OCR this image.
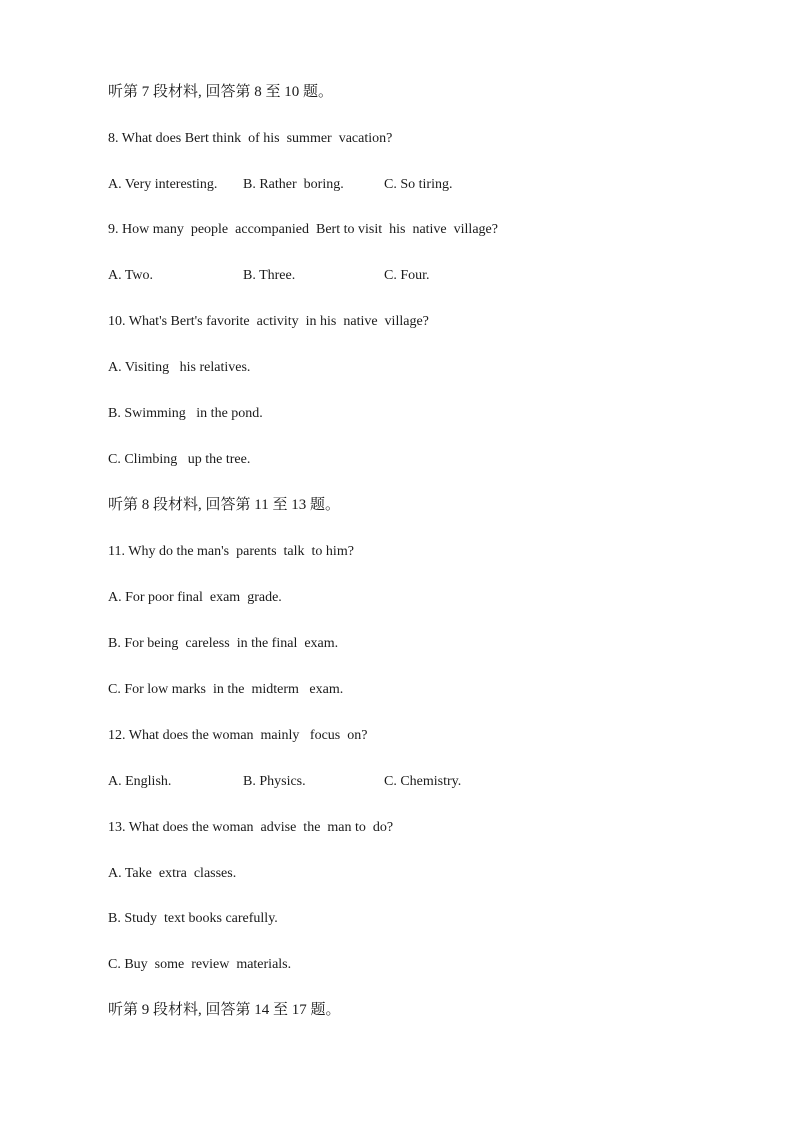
听第 7 段材料, 回答第 8 至 10 题。
8. What does Bert think  of his  summer  vacation?

A. Very interesting.

B. Rather  boring.

	C. So tiring.

9. How many  people  accompanied  Bert to visit  his  native  village?

A. Two.

	B. Three.

	C. Four.

10. What's Bert's favorite  activity  in his  native  village?
A. Visiting   his relatives.
B. Swimming   in the pond.
C. Climbing   up the tree.
听第 8 段材料, 回答第 11 至 13 题。
11. Why do the man's  parents  talk  to him?
A. For poor final  exam  grade.
B. For being  careless  in the final  exam.
C. For low marks  in the  midterm   exam.
12. What does the woman  mainly   focus  on?

A. English.

	B. Physics.

	C. Chemistry.

13. What does the woman  advise  the  man to  do?
A. Take  extra  classes.
B. Study  text books carefully.
C. Buy  some  review  materials.
听第 9 段材料, 回答第 14 至 17 题。
